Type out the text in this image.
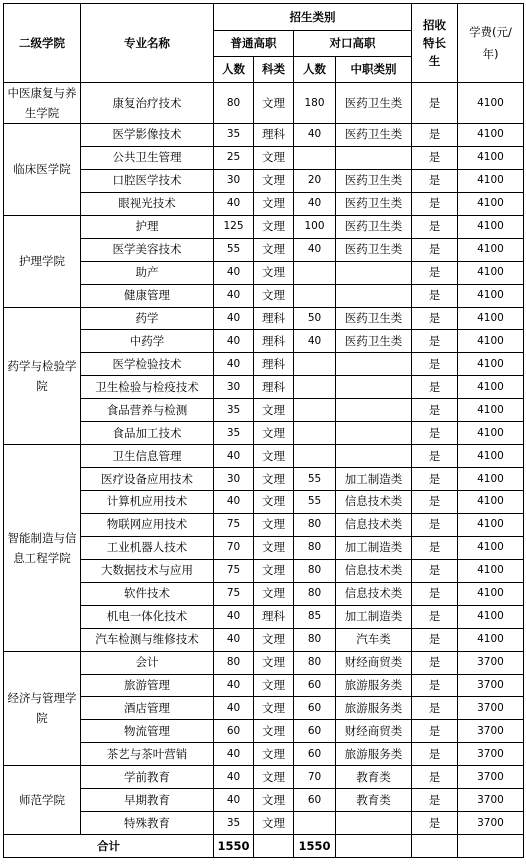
二级学院	专业名称	招生类别				招收特长生	学费(元/年)
		普通高职		对口高职			
		人数	科类	人数	中职类别		
中医康复与养生学院	康复治疗技术	80	文理	180	医药卫生类	是	4100
临床医学院	医学影像技术	35	理科	40	医药卫生类	是	4100
	公共卫生管理	25	文理			是	4100
	口腔医学技术	30	文理	20	医药卫生类	是	4100
	眼视光技术	40	文理	40	医药卫生类	是	4100
护理学院	护理	125	文理	100	医药卫生类	是	4100
	医学美容技术	55	文理	40	医药卫生类	是	4100
	助产	40	文理			是	4100
	健康管理	40	文理			是	4100
药学与检验学院	药学	40	理科	50	医药卫生类	是	4100
	中药学	40	理科	40	医药卫生类	是	4100
	医学检验技术	40	理科			是	4100
	卫生检验与检疫技术	30	理科			是	4100
	食品营养与检测	35	文理			是	4100
	食品加工技术	35	文理			是	4100
智能制造与信息工程学院	卫生信息管理	40	文理			是	4100
	医疗设备应用技术	30	文理	55	加工制造类	是	4100
	计算机应用技术	40	文理	55	信息技术类	是	4100
	物联网应用技术	75	文理	80	信息技术类	是	4100
	工业机器人技术	70	文理	80	加工制造类	是	4100
	大数据技术与应用	75	文理	80	信息技术类	是	4100
	软件技术	75	文理	80	信息技术类	是	4100
	机电一体化技术	40	理科	85	加工制造类	是	4100
	汽车检测与维修技术	40	文理	80	汽车类	是	4100
经济与管理学院	会计	80	文理	80	财经商贸类	是	3700
	旅游管理	40	文理	60	旅游服务类	是	3700
	酒店管理	40	文理	60	旅游服务类	是	3700
	物流管理	60	文理	60	财经商贸类	是	3700
	茶艺与茶叶营销	40	文理	60	旅游服务类	是	3700
师范学院	学前教育	40	文理	70	教育类	是	3700
	早期教育	40	文理	60	教育类	是	3700
	特殊教育	35	文理			是	3700
合计		1550		1550			
